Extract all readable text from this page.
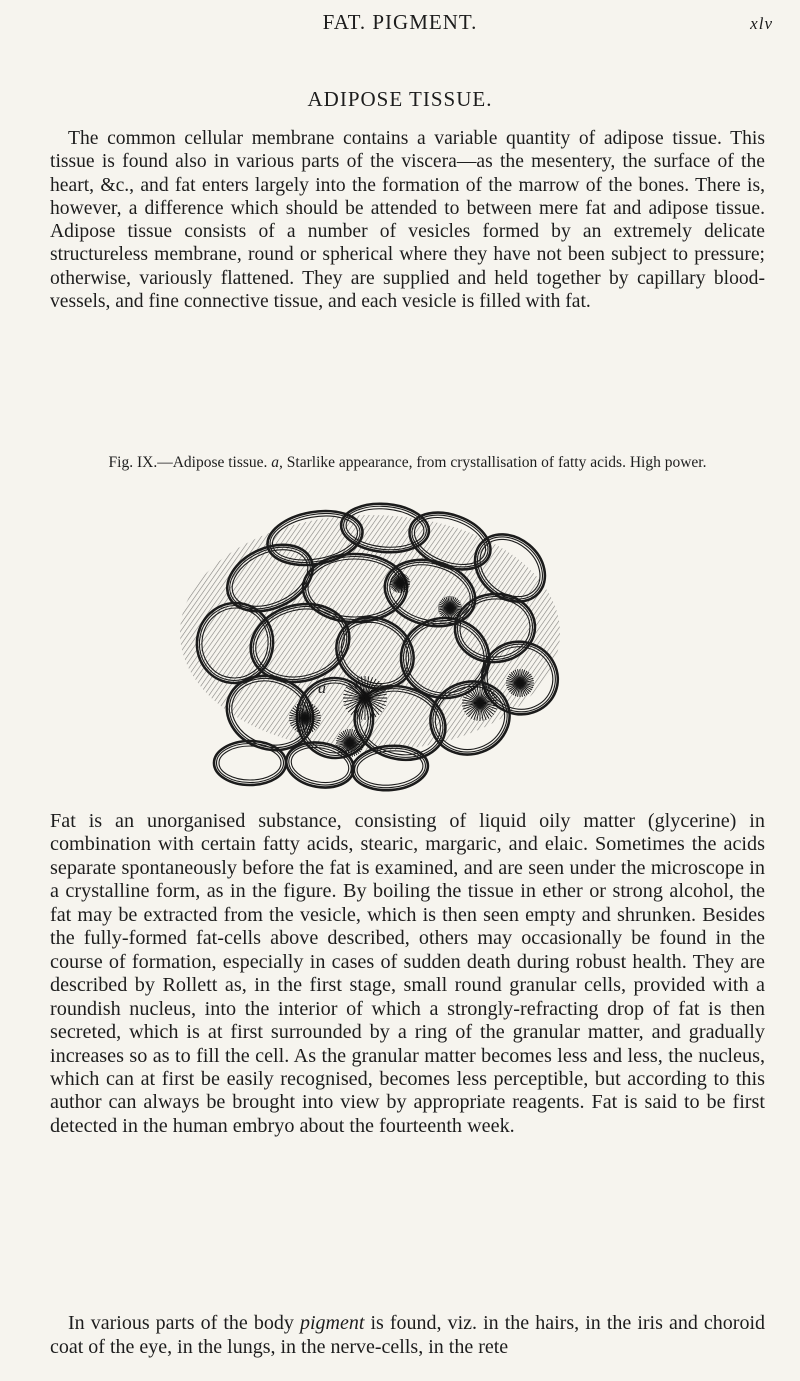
FAT. PIGMENT.	xlv
ADIPOSE TISSUE.

The common cellular membrane contains a variable quantity of adipose tissue. This tissue is found also in various parts of the viscera—as the mesentery, the surface of the heart, &c., and fat enters largely into the formation of the marrow of the bones. There is, however, a difference which should be attended to between mere fat and adipose tissue. Adipose tissue consists of a number of vesicles formed by an extremely delicate structureless membrane, round or spherical where they have not been subject to pressure; otherwise, variously flattened. They are supplied and held together by capillary blood-vessels, and fine connective tissue, and each vesicle is filled with fat.

Fig. IX.—Adipose tissue. a, Starlike appearance, from crystallisation of fatty acids. High power.

a

Fat is an unorganised substance, consisting of liquid oily matter (glycerine) in combination with certain fatty acids, stearic, margaric, and elaic. Sometimes the acids separate spontaneously before the fat is examined, and are seen under the microscope in a crystalline form, as in the figure. By boiling the tissue in ether or strong alcohol, the fat may be extracted from the vesicle, which is then seen empty and shrunken. Besides the fully-formed fat-cells above described, others may occasionally be found in the course of formation, especially in cases of sudden death during robust health. They are described by Rollett as, in the first stage, small round granular cells, provided with a roundish nucleus, into the interior of which a strongly-refracting drop of fat is then secreted, which is at first surrounded by a ring of the granular matter, and gradually increases so as to fill the cell. As the granular matter becomes less and less, the nucleus, which can at first be easily recognised, becomes less perceptible, but according to this author can always be brought into view by appropriate reagents. Fat is said to be first detected in the human embryo about the fourteenth week.

In various parts of the body pigment is found, viz. in the hairs, in the iris and choroid coat of the eye, in the lungs, in the nerve-cells, in the rete
